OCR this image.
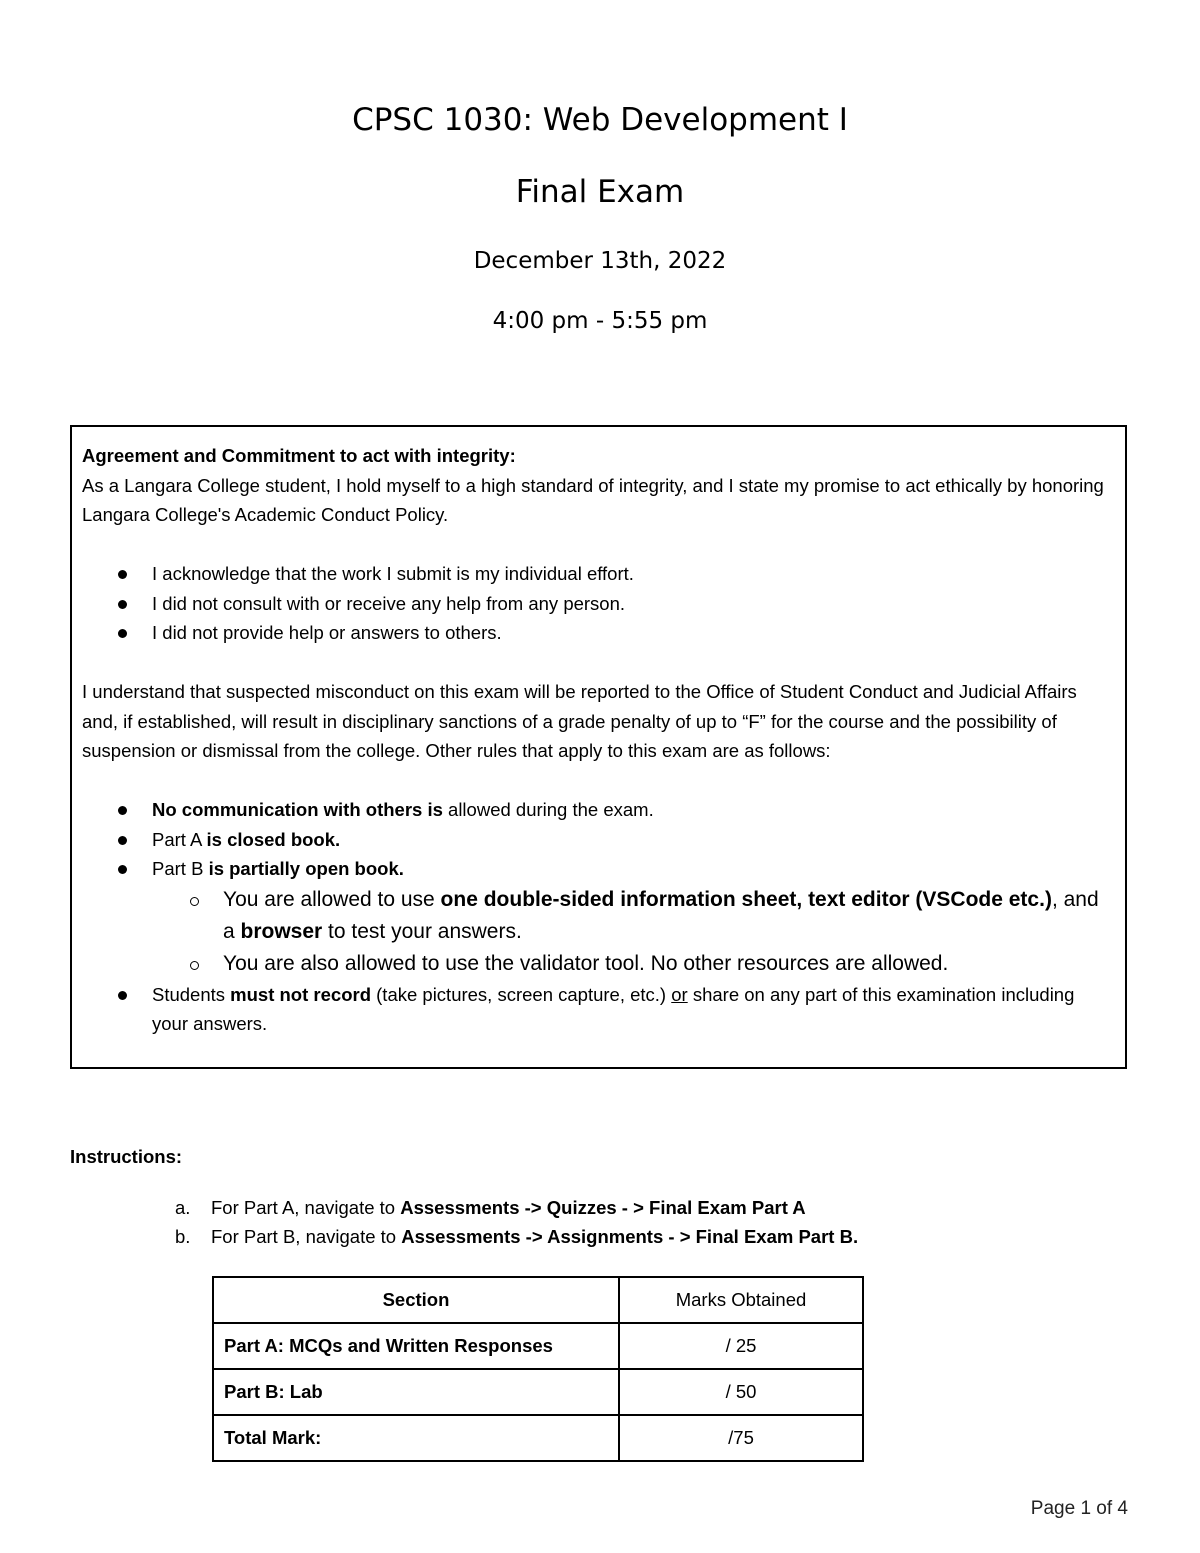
CPSC 1030: Web Development I
Final Exam
December 13th, 2022
4:00 pm - 5:55 pm

Agreement and Commitment to act with integrity:

As a Langara College student, I hold myself to a high standard of integrity, and I state my promise to act ethically by honoring Langara College's Academic Conduct Policy.

I acknowledge that the work I submit is my individual effort.
I did not consult with or receive any help from any person.
I did not provide help or answers to others.

I understand that suspected misconduct on this exam will be reported to the Office of Student Conduct and Judicial Affairs and, if established, will result in disciplinary sanctions of a grade penalty of up to “F” for the course and the possibility of suspension or dismissal from the college. Other rules that apply to this exam are as follows:

No communication with others is allowed during the exam.
Part A is closed book.
Part B is partially open book.
You are allowed to use one double-sided information sheet, text editor (VSCode etc.), and a browser to test your answers.
You are also allowed to use the validator tool. No other resources are allowed.
Students must not record (take pictures, screen capture, etc.) or share on any part of this examination including your answers.
Instructions:
a. For Part A, navigate to Assessments -> Quizzes - > Final Exam Part A
b. For Part B, navigate to Assessments -> Assignments - > Final Exam Part B.
Section	Marks Obtained
Part A: MCQs and Written Responses	/ 25
Part B: Lab	/ 50
Total Mark:	/75
Page 1 of 4
